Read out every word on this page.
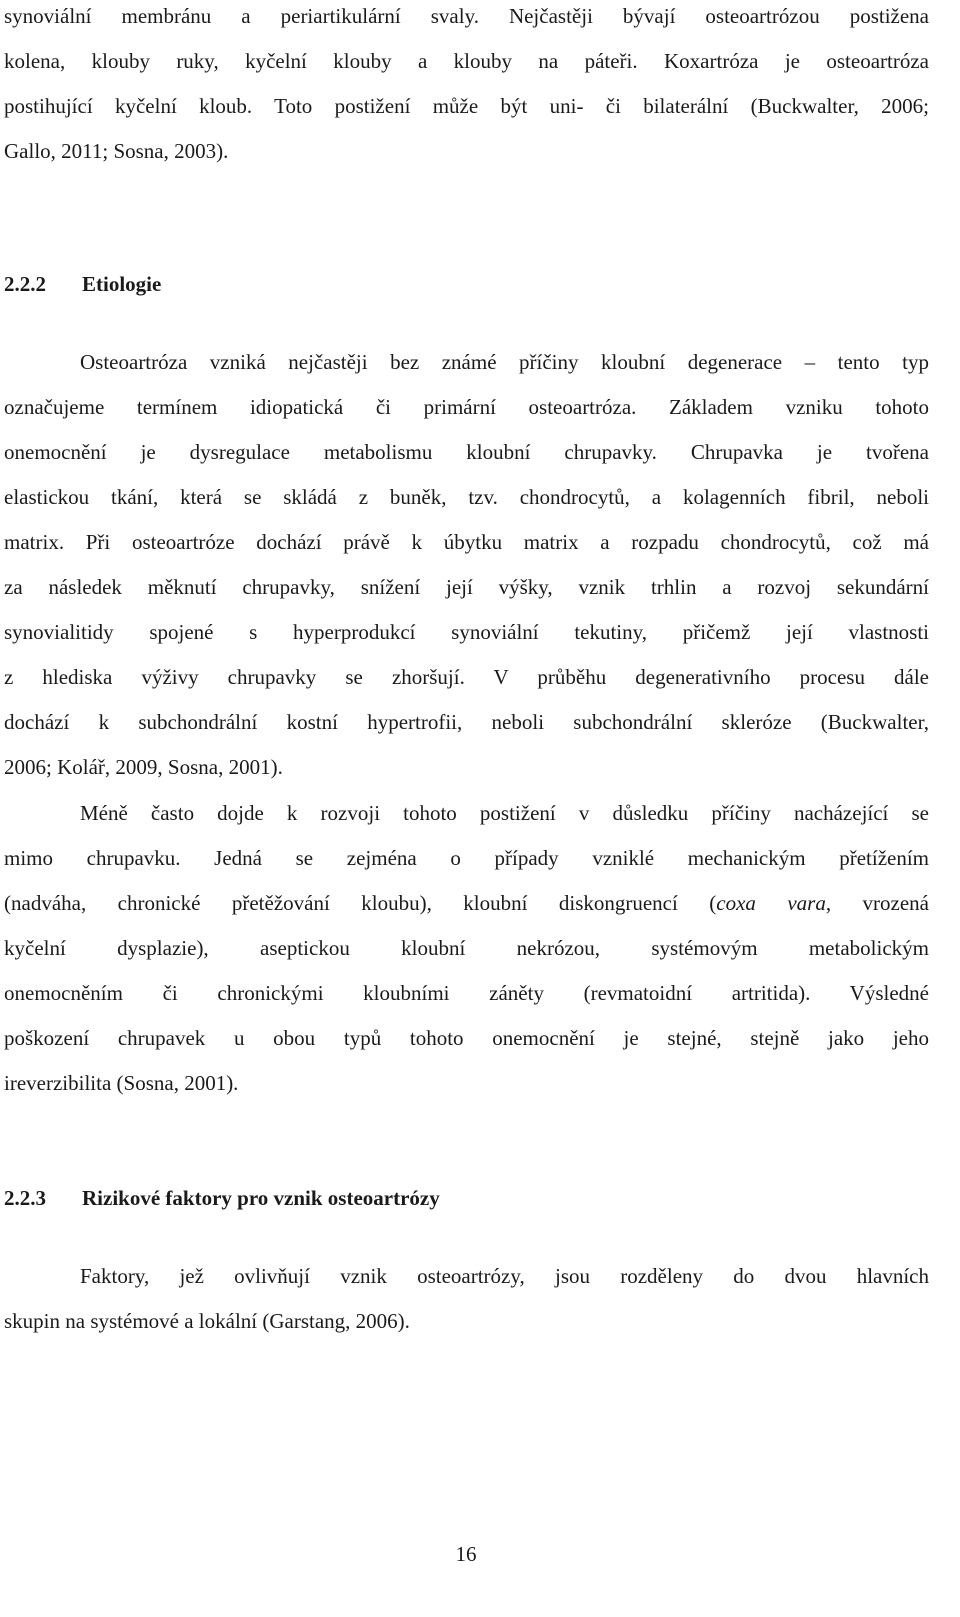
synoviální membránu a periartikulární svaly. Nejčastěji bývají osteoartrózou postižena
kolena, klouby ruky, kyčelní klouby a klouby na páteři. Koxartróza je osteoartróza
postihující kyčelní kloub. Toto postižení může být uni- či bilaterální (Buckwalter, 2006;
Gallo, 2011; Sosna, 2003).
2.2.2 Etiologie
Osteoartróza vzniká nejčastěji bez známé příčiny kloubní degenerace – tento typ
označujeme termínem idiopatická či primární osteoartróza. Základem vzniku tohoto
onemocnění je dysregulace metabolismu kloubní chrupavky. Chrupavka je tvořena
elastickou tkání, která se skládá z buněk, tzv. chondrocytů, a kolagenních fibril, neboli
matrix. Při osteoartróze dochází právě k úbytku matrix a rozpadu chondrocytů, což má
za následek měknutí chrupavky, snížení její výšky, vznik trhlin a rozvoj sekundární
synovialitidy spojené s hyperprodukcí synoviální tekutiny, přičemž její vlastnosti
z hlediska výživy chrupavky se zhoršují. V průběhu degenerativního procesu dále
dochází k subchondrální kostní hypertrofii, neboli subchondrální skleróze (Buckwalter,
2006; Kolář, 2009, Sosna, 2001).
Méně často dojde k rozvoji tohoto postižení v důsledku příčiny nacházející se
mimo chrupavku. Jedná se zejména o případy vzniklé mechanickým přetížením
(nadváha, chronické přetěžování kloubu), kloubní diskongruencí (coxa vara, vrozená
kyčelní dysplazie), aseptickou kloubní nekrózou, systémovým metabolickým
onemocněním či chronickými kloubními záněty (revmatoidní artritida). Výsledné
poškození chrupavek u obou typů tohoto onemocnění je stejné, stejně jako jeho
ireverzibilita (Sosna, 2001).
2.2.3 Rizikové faktory pro vznik osteoartrózy
Faktory, jež ovlivňují vznik osteoartrózy, jsou rozděleny do dvou hlavních
skupin na systémové a lokální (Garstang, 2006).
16
